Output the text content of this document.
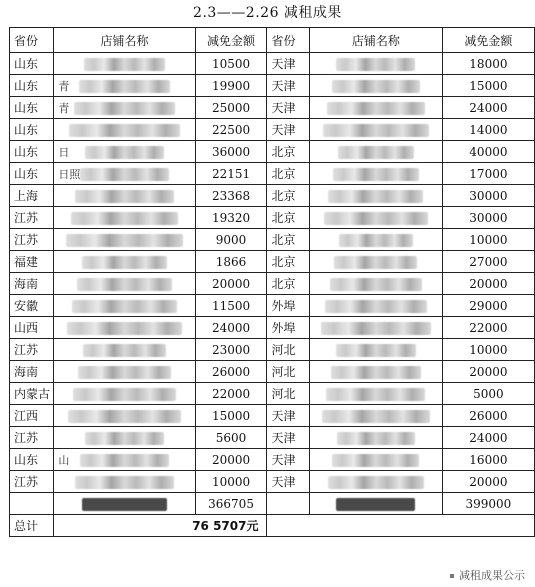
2.3——2.26 减租成果
省份	店铺名称	减免金额	省份	店铺名称	减免金额
山东		10500	天津		18000
山东	青	19900	天津		15000
山东	青	25000	天津		24000
山东		22500	天津		14000
山东	日	36000	北京		40000
山东	日照	22151	北京		17000
上海		23368	北京		30000
江苏		19320	北京		30000
江苏		9000	北京		10000
福建		1866	北京		27000
海南		20000	北京		20000
安徽		11500	外埠		29000
山西		24000	外埠		22000
江苏		23000	河北		10000
海南		26000	河北		20000
内蒙古		22000	河北		5000
江西		15000	天津		26000
江苏		5600	天津		24000
山东	山	20000	天津		16000
江苏		10000	天津		20000
		366705			399000
总计	76 5707元				
减租成果公示
